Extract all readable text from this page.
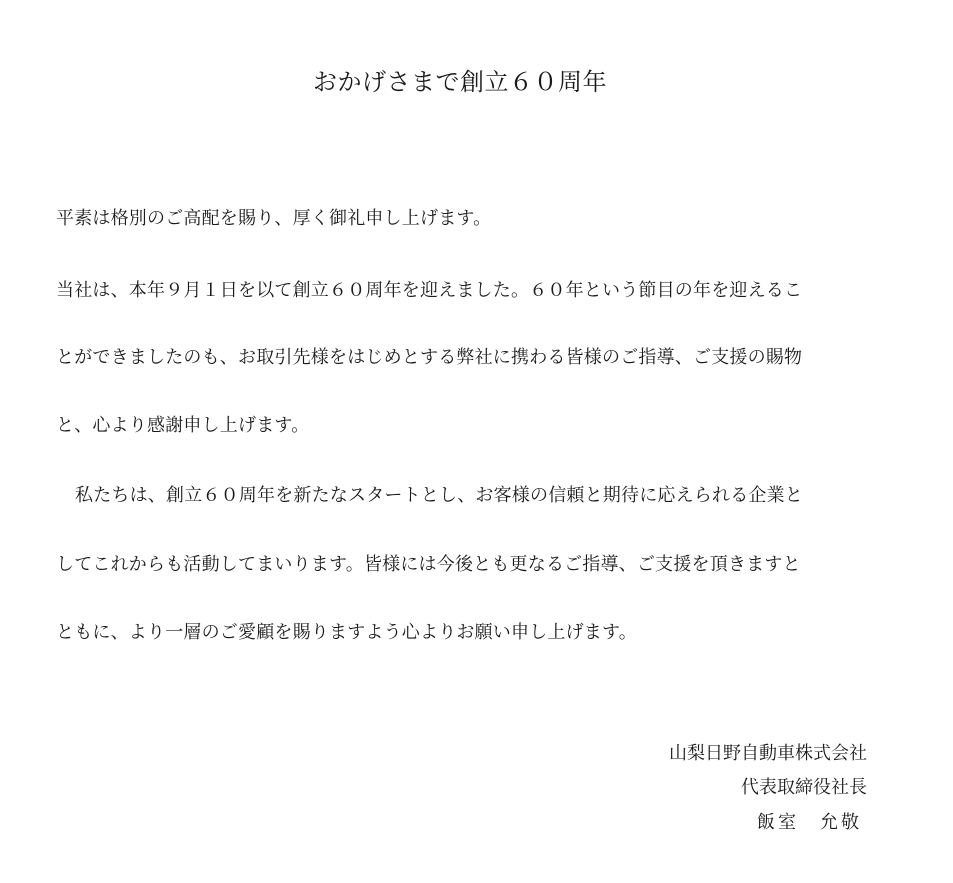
おかげさまで創立６０周年
平素は格別のご高配を賜り、厚く御礼申し上げます。
当社は、本年９月１日を以て創立６０周年を迎えました。６０年という節目の年を迎えるこ
とができましたのも、お取引先様をはじめとする弊社に携わる皆様のご指導、ご支援の賜物
と、心より感謝申し上げます。
私たちは、創立６０周年を新たなスタートとし、お客様の信頼と期待に応えられる企業と
してこれからも活動してまいります。皆様には今後とも更なるご指導、ご支援を頂きますと
ともに、より一層のご愛顧を賜りますよう心よりお願い申し上げます。
山梨日野自動車株式会社
代表取締役社長
飯室　允敬
